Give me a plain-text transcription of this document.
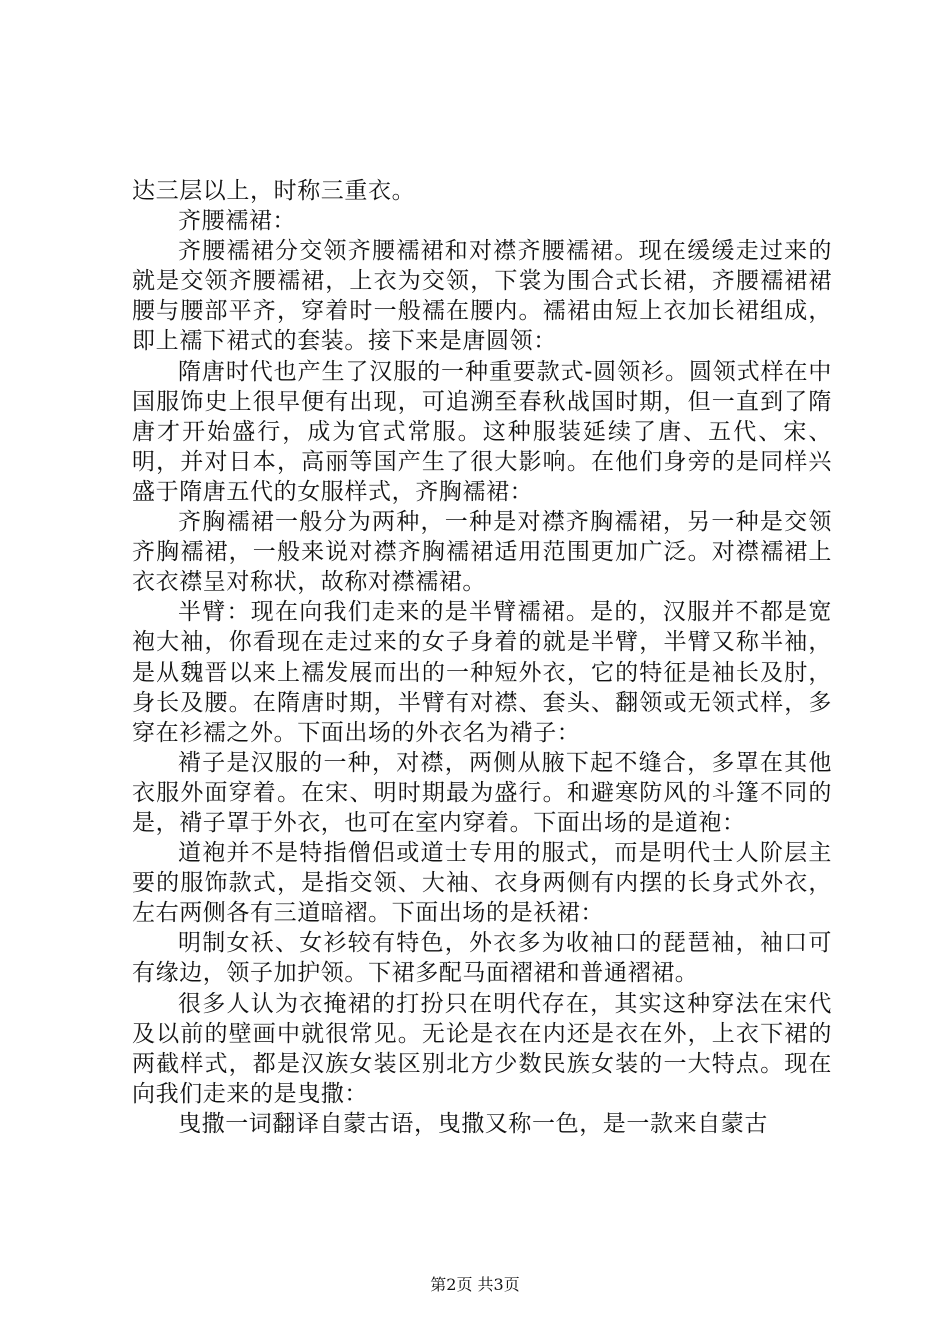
达三层以上，时称三重衣。

齐腰襦裙：

齐腰襦裙分交领齐腰襦裙和对襟齐腰襦裙。现在缓缓走过来的就是交领齐腰襦裙，上衣为交领，下裳为围合式长裙，齐腰襦裙裙腰与腰部平齐，穿着时一般襦在腰内。襦裙由短上衣加长裙组成，即上襦下裙式的套装。接下来是唐圆领：

隋唐时代也产生了汉服的一种重要款式-圆领衫。圆领式样在中国服饰史上很早便有出现，可追溯至春秋战国时期，但一直到了隋唐才开始盛行，成为官式常服。这种服装延续了唐、五代、宋、明，并对日本，高丽等国产生了很大影响。在他们身旁的是同样兴盛于隋唐五代的女服样式，齐胸襦裙：

齐胸襦裙一般分为两种，一种是对襟齐胸襦裙，另一种是交领齐胸襦裙，一般来说对襟齐胸襦裙适用范围更加广泛。对襟襦裙上衣衣襟呈对称状，故称对襟襦裙。

半臂：现在向我们走来的是半臂襦裙。是的，汉服并不都是宽袍大袖，你看现在走过来的女子身着的就是半臂，半臂又称半袖，是从魏晋以来上襦发展而出的一种短外衣，它的特征是袖长及肘，身长及腰。在隋唐时期，半臂有对襟、套头、翻领或无领式样，多穿在衫襦之外。下面出场的外衣名为褙子：

褙子是汉服的一种，对襟，两侧从腋下起不缝合，多罩在其他衣服外面穿着。在宋、明时期最为盛行。和避寒防风的斗篷不同的是，褙子罩于外衣，也可在室内穿着。下面出场的是道袍：

道袍并不是特指僧侣或道士专用的服式，而是明代士人阶层主要的服饰款式，是指交领、大袖、衣身两侧有内摆的长身式外衣，左右两侧各有三道暗褶。下面出场的是袄裙：

明制女袄、女衫较有特色，外衣多为收袖口的琵琶袖，袖口可有缘边，领子加护领。下裙多配马面褶裙和普通褶裙。

很多人认为衣掩裙的打扮只在明代存在，其实这种穿法在宋代及以前的壁画中就很常见。无论是衣在内还是衣在外，上衣下裙的两截样式，都是汉族女装区别北方少数民族女装的一大特点。现在向我们走来的是曳撒：

曳撒一词翻译自蒙古语，曳撒又称一色，是一款来自蒙古

第2页 共3页
